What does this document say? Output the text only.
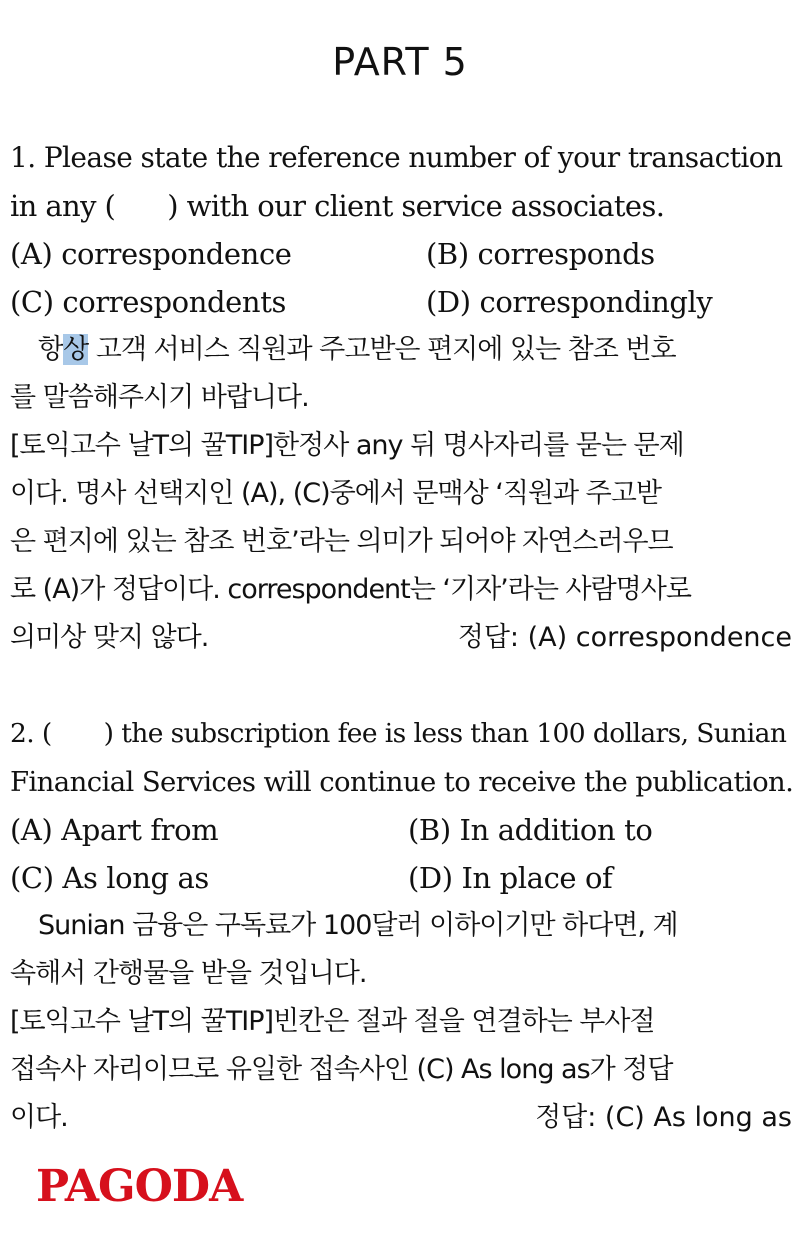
PART 5
1. Please state the reference number of your transaction
in any ( ) with our client service associates.
(A) correspondence	(B) corresponds
(C) correspondents	(D) correspondingly
항상 고객 서비스 직원과 주고받은 편지에 있는 참조 번호
를 말씀해주시기 바랍니다.
[토익고수 날T의 꿀TIP]한정사 any 뒤 명사자리를 묻는 문제
이다. 명사 선택지인 (A), (C)중에서 문맥상 ‘직원과 주고받
은 편지에 있는 참조 번호’라는 의미가 되어야 자연스러우므
로 (A)가 정답이다. correspondent는 ‘기자’라는 사람명사로
의미상 맞지 않다.	정답: (A) correspondence
2. ( ) the subscription fee is less than 100 dollars, Sunian
Financial Services will continue to receive the publication.
(A) Apart from	(B) In addition to
(C) As long as	(D) In place of
Sunian 금융은 구독료가 100달러 이하이기만 하다면, 계
속해서 간행물을 받을 것입니다.
[토익고수 날T의 꿀TIP]빈칸은 절과 절을 연결하는 부사절
접속사 자리이므로 유일한 접속사인 (C) As long as가 정답
이다.	정답: (C) As long as
PAGODA
